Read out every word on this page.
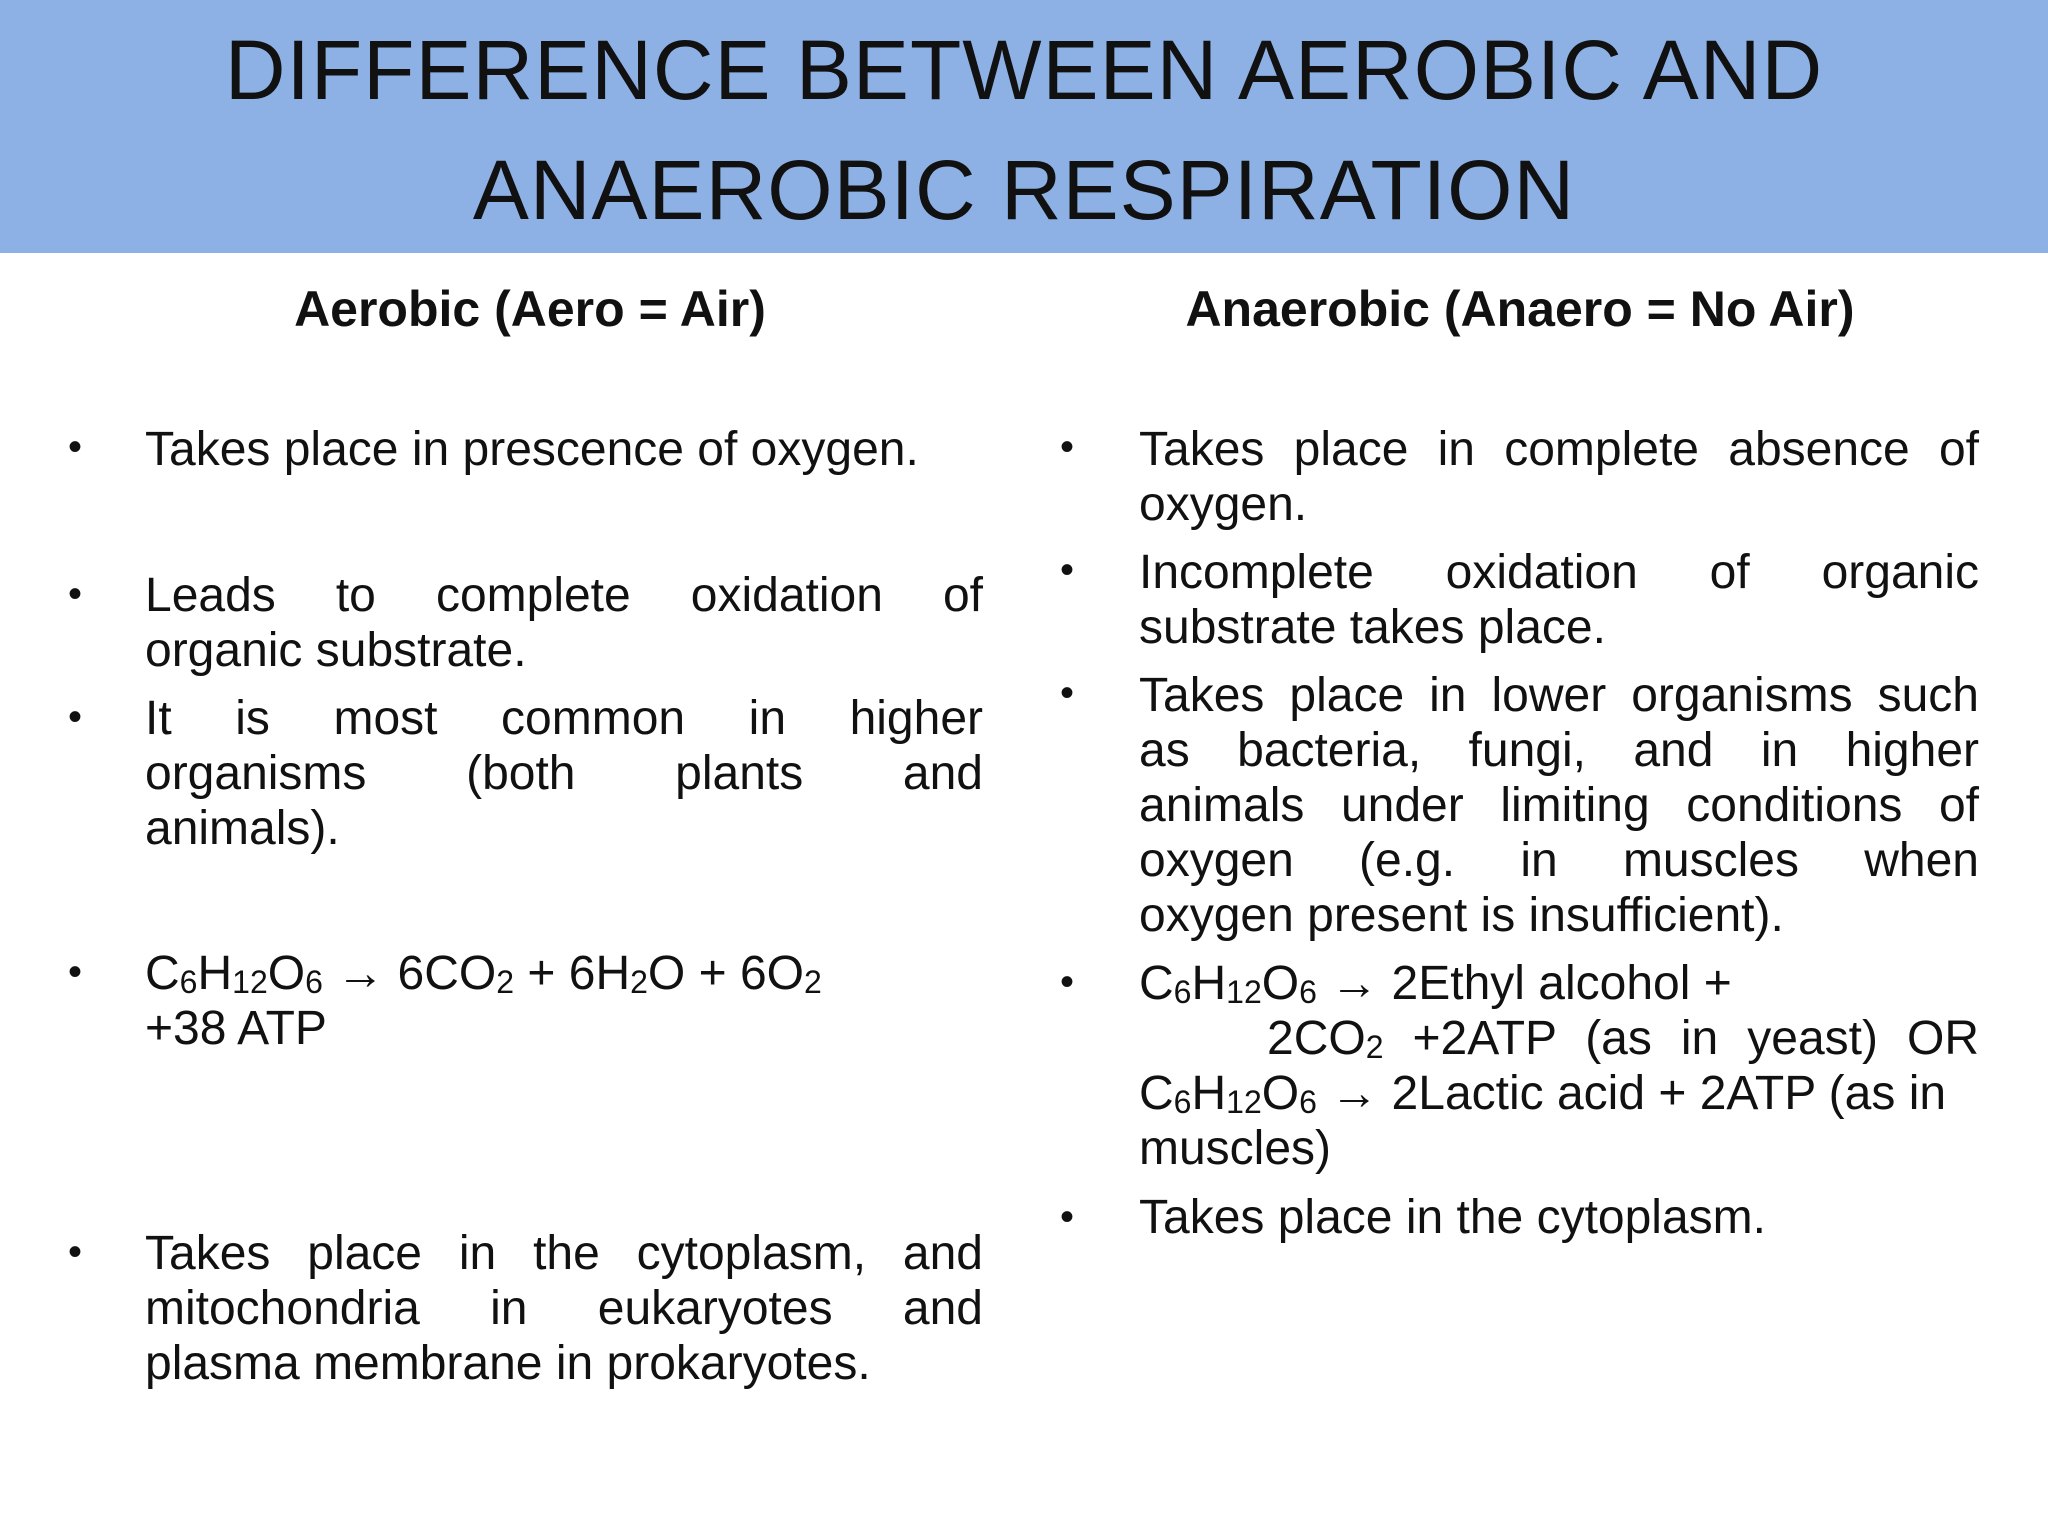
DIFFERENCE BETWEEN AEROBIC AND
ANAEROBIC RESPIRATION
Aerobic (Aero = Air)	Anaerobic (Anaero = No Air)
• Takes place in prescence of oxygen.
• Leads to complete oxidation of
organic substrate.
• It is most common in higher
organisms (both plants and
animals).
• $C_6H_{12}O_6 \to 6CO_2 + 6H_2O + 6O_2$
+38 ATP
• Takes place in the cytoplasm, and
mitochondria in eukaryotes and
plasma membrane in prokaryotes.
• Takes place in complete absence of
oxygen.
• Incomplete oxidation of organic
substrate takes place.
• Takes place in lower organisms such
as bacteria, fungi, and in higher
animals under limiting conditions of
oxygen (e.g. in muscles when
oxygen present is insufficient).
• $C_6H_{12}O_6$ → 2Ethyl alcohol +
$2CO_2 +2ATP$ (as in yeast) OR
$C_6H_{12}O_6$ → 2Lactic acid + 2ATP (as in
muscles)
• Takes place in the cytoplasm.
